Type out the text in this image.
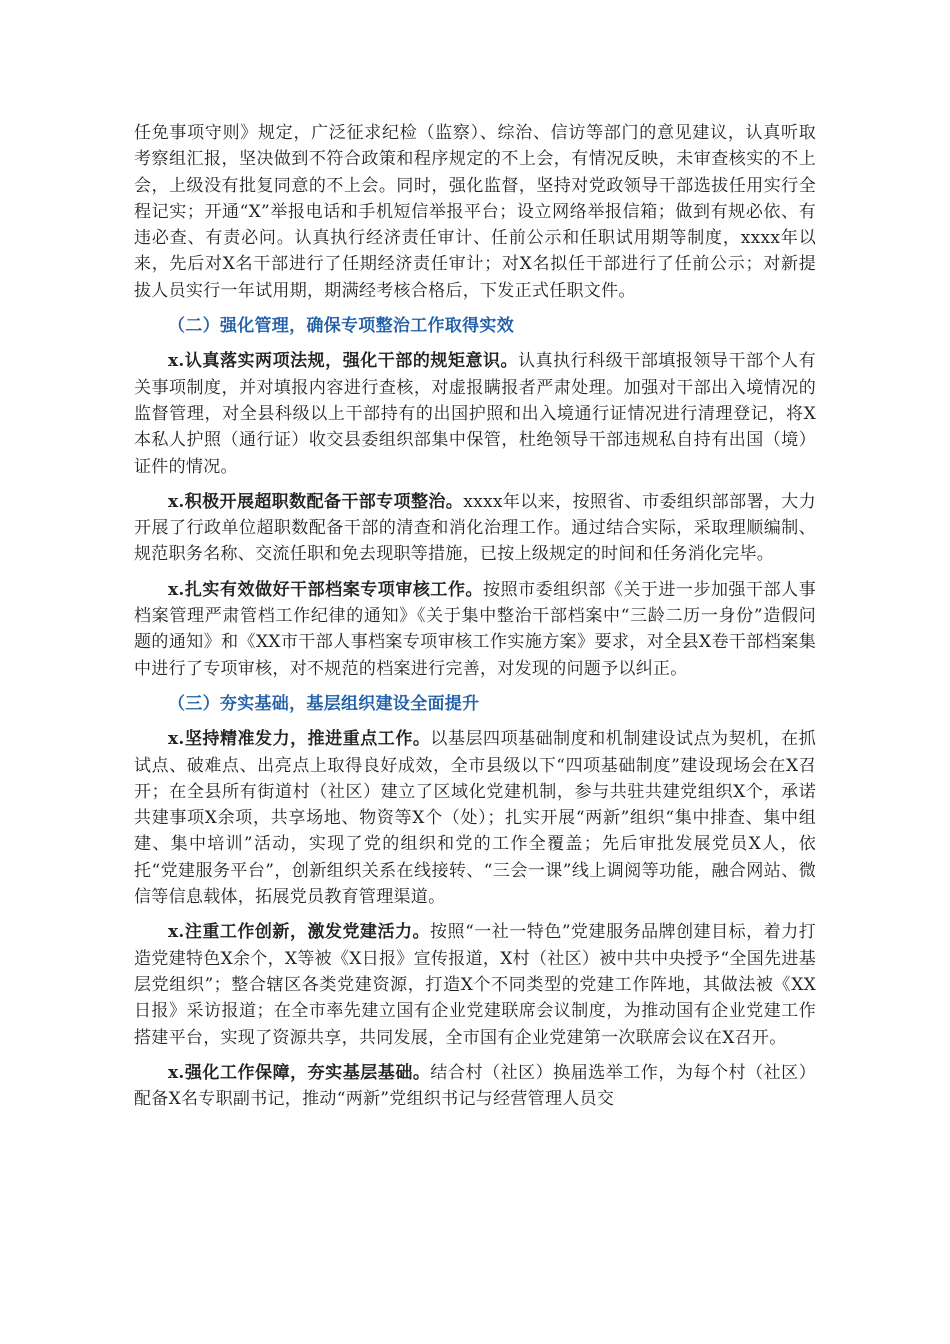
任免事项守则》规定，广泛征求纪检（监察）、综治、信访等部门的意见建议，认真听取考察组汇报，坚决做到不符合政策和程序规定的不上会，有情况反映，未审查核实的不上会，上级没有批复同意的不上会。同时，强化监督，坚持对党政领导干部选拔任用实行全程记实；开通“X”举报电话和手机短信举报平台；设立网络举报信箱；做到有规必依、有违必查、有责必问。认真执行经济责任审计、任前公示和任职试用期等制度，xxxx年以来，先后对X名干部进行了任期经济责任审计；对X名拟任干部进行了任前公示；对新提拔人员实行一年试用期，期满经考核合格后，下发正式任职文件。

（二）强化管理，确保专项整治工作取得实效

x.认真落实两项法规，强化干部的规矩意识。认真执行科级干部填报领导干部个人有关事项制度，并对填报内容进行查核，对虚报瞒报者严肃处理。加强对干部出入境情况的监督管理，对全县科级以上干部持有的出国护照和出入境通行证情况进行清理登记，将X本私人护照（通行证）收交县委组织部集中保管，杜绝领导干部违规私自持有出国（境）证件的情况。

x.积极开展超职数配备干部专项整治。xxxx年以来，按照省、市委组织部部署，大力开展了行政单位超职数配备干部的清查和消化治理工作。通过结合实际，采取理顺编制、规范职务名称、交流任职和免去现职等措施，已按上级规定的时间和任务消化完毕。

x.扎实有效做好干部档案专项审核工作。按照市委组织部《关于进一步加强干部人事档案管理严肃管档工作纪律的通知》《关于集中整治干部档案中“三龄二历一身份”造假问题的通知》和《XX市干部人事档案专项审核工作实施方案》要求，对全县X卷干部档案集中进行了专项审核，对不规范的档案进行完善，对发现的问题予以纠正。

（三）夯实基础，基层组织建设全面提升

x.坚持精准发力，推进重点工作。以基层四项基础制度和机制建设试点为契机，在抓试点、破难点、出亮点上取得良好成效，全市县级以下“四项基础制度”建设现场会在X召开；在全县所有街道村（社区）建立了区域化党建机制，参与共驻共建党组织X个，承诺共建事项X余项，共享场地、物资等X个（处）；扎实开展“两新”组织“集中排查、集中组建、集中培训”活动，实现了党的组织和党的工作全覆盖；先后审批发展党员X人，依托“党建服务平台”，创新组织关系在线接转、“三会一课”线上调阅等功能，融合网站、微信等信息载体，拓展党员教育管理渠道。

x.注重工作创新，激发党建活力。按照“一社一特色”党建服务品牌创建目标，着力打造党建特色X余个，X等被《X日报》宣传报道，X村（社区）被中共中央授予“全国先进基层党组织”；整合辖区各类党建资源，打造X个不同类型的党建工作阵地，其做法被《XX日报》采访报道；在全市率先建立国有企业党建联席会议制度，为推动国有企业党建工作搭建平台，实现了资源共享，共同发展，全市国有企业党建第一次联席会议在X召开。

x.强化工作保障，夯实基层基础。结合村（社区）换届选举工作，为每个村（社区）配备X名专职副书记，推动“两新”党组织书记与经营管理人员交
